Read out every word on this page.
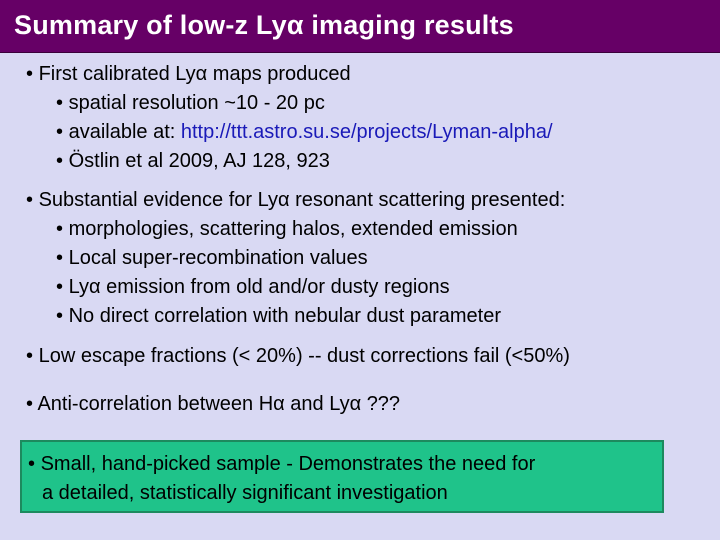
Summary of low-z Lyα imaging results
• First calibrated Lyα maps produced
• spatial resolution ~10 - 20 pc
• available at: http://ttt.astro.su.se/projects/Lyman-alpha/
• Östlin et al 2009, AJ 128, 923
• Substantial evidence for Lyα resonant scattering presented:
• morphologies, scattering halos, extended emission
• Local super-recombination values
• Lyα emission from old and/or dusty regions
• No direct correlation with nebular dust parameter
• Low escape fractions (< 20%) -- dust corrections fail (<50%)
• Anti-correlation between Hα and Lyα ???
• Small, hand-picked sample - Demonstrates the need for
a detailed, statistically significant investigation
